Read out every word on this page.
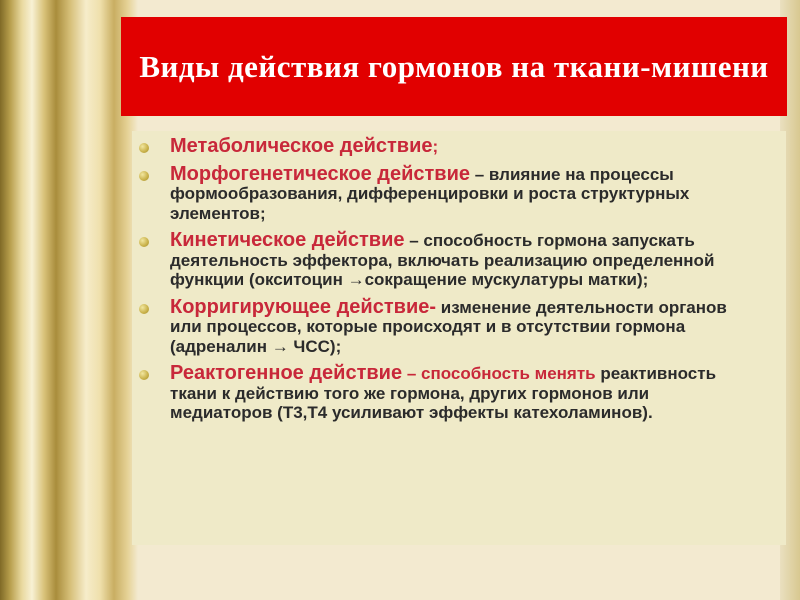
Виды действия гормонов на ткани-мишени
Метаболическое действие;
Морфогенетическое действие – влияние на процессы формообразования, дифференцировки и роста структурных элементов;
Кинетическое действие – способность гормона запускать деятельность эффектора, включать реализацию определенной функции (окситоцин →сокращение мускулатуры матки);
Корригирующее действие- изменение деятельности органов или процессов, которые происходят и в отсутствии гормона (адреналин → ЧСС);
Реактогенное действие – способность менять реактивность ткани к действию того же гормона, других гормонов или медиаторов (Т3,Т4 усиливают эффекты катехоламинов).
